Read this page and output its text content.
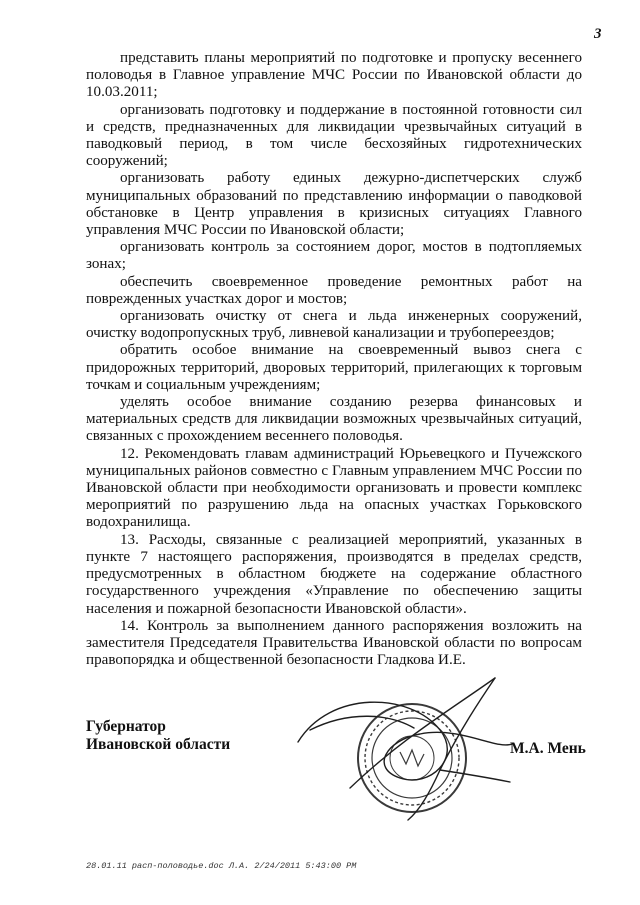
3

представить планы мероприятий по подготовке и пропуску весеннего половодья в Главное управление МЧС России по Ивановской области до 10.03.2011;

организовать подготовку и поддержание в постоянной готовности сил и средств, предназначенных для ликвидации чрезвычайных ситуаций в паводковый период, в том числе бесхозяйных гидротехнических сооружений;

организовать работу единых дежурно-диспетчерских служб муниципальных образований по представлению информации о паводковой обстановке в Центр управления в кризисных ситуациях Главного управления МЧС России по Ивановской области;

организовать контроль за состоянием дорог, мостов в подтопляемых зонах;

обеспечить своевременное проведение ремонтных работ на поврежденных участках дорог и мостов;

организовать очистку от снега и льда инженерных сооружений, очистку водопропускных труб, ливневой канализации и трубопереездов;

обратить особое внимание на своевременный вывоз снега с придорожных территорий, дворовых территорий, прилегающих к торговым точкам и социальным учреждениям;

уделять особое внимание созданию резерва финансовых и материальных средств для ликвидации возможных чрезвычайных ситуаций, связанных с прохождением весеннего половодья.

12. Рекомендовать главам администраций Юрьевецкого и Пучежского муниципальных районов совместно с Главным управлением МЧС России по Ивановской области при необходимости организовать и провести комплекс мероприятий по разрушению льда на опасных участках Горьковского водохранилища.

13. Расходы, связанные с реализацией мероприятий, указанных в пункте 7 настоящего распоряжения, производятся в пределах средств, предусмотренных в областном бюджете на содержание областного государственного учреждения «Управление по обеспечению защиты населения и пожарной безопасности Ивановской области».

14. Контроль за выполнением данного распоряжения возложить на заместителя Председателя Правительства Ивановской области по вопросам правопорядка и общественной безопасности Гладкова И.Е.

Губернатор
Ивановской области	М.А. Мень
28.01.11 расп-половодье.doc Л.А. 2/24/2011 5:43:00 PM
